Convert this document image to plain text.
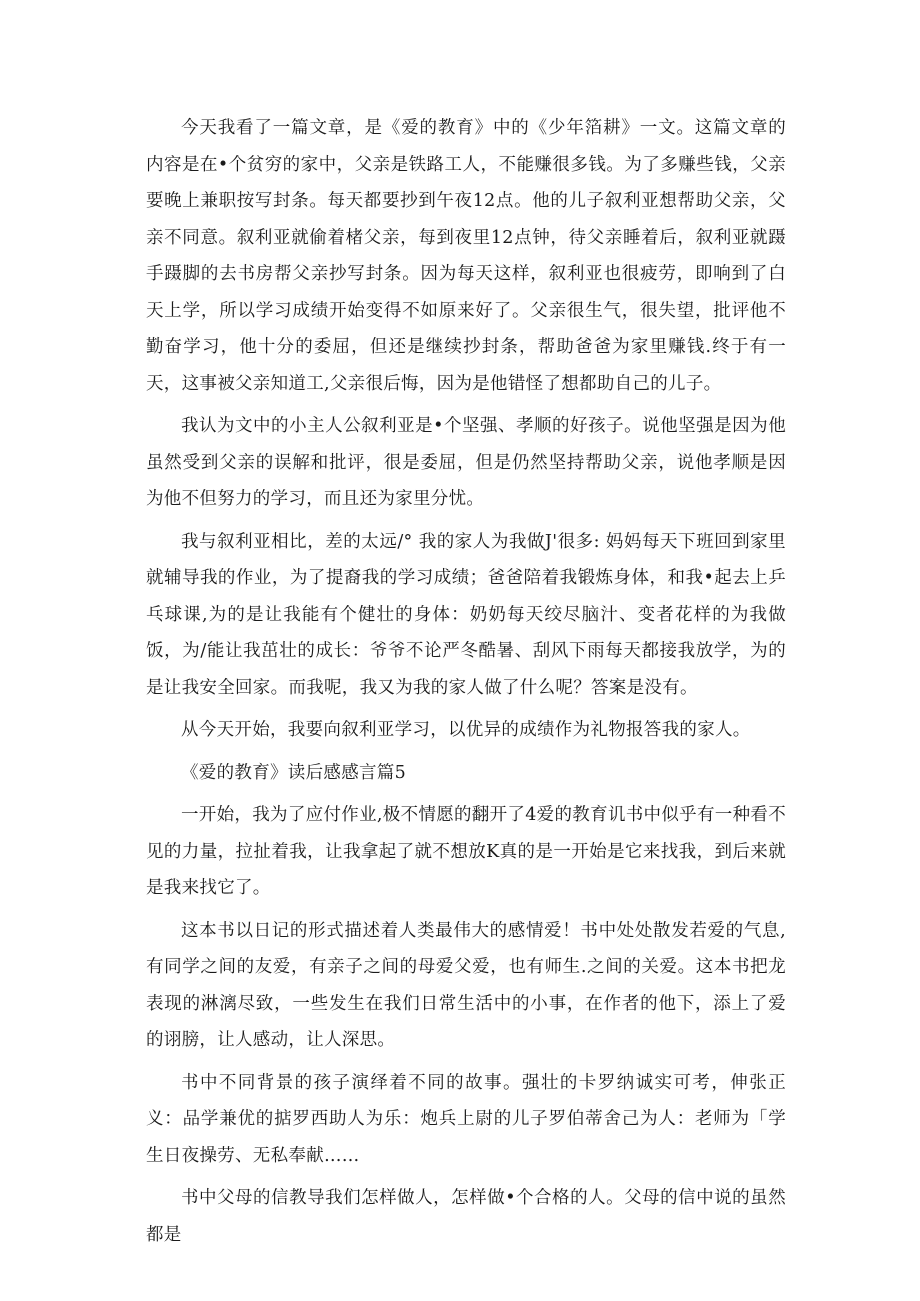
今天我看了一篇文章，是《爱的教育》中的《少年箔耕》一文。这篇文章的内容是在•个贫穷的家中，父亲是铁路工人，不能赚很多钱。为了多赚些钱，父亲要晚上兼职按写封条。每天都要抄到午夜12点。他的儿子叙利亚想帮助父亲，父亲不同意。叙利亚就偷着楮父亲，每到夜里12点钟，待父亲睡着后，叙利亚就蹑手蹑脚的去书房帮父亲抄写封条。因为每天这样，叙利亚也很疲劳，即响到了白天上学，所以学习成绩开始变得不如原来好了。父亲很生气，很失望，批评他不勤奋学习，他十分的委屈，但还是继续抄封条，帮助爸爸为家里赚钱.终于有一天，这事被父亲知道工,父亲很后悔，因为是他错怪了想都助自己的儿子。

我认为文中的小主人公叙利亚是•个坚强、孝顺的好孩子。说他坚强是因为他虽然受到父亲的误解和批评，很是委屈，但是仍然坚持帮助父亲，说他孝顺是因为他不但努力的学习，而且还为家里分忧。

我与叙利亚相比，差的太远/° 我的家人为我做J'很多: 妈妈每天下班回到家里就辅导我的作业，为了提裔我的学习成绩；爸爸陪着我锻炼身体，和我•起去上乒乓球课,为的是让我能有个健壮的身体：奶奶每天绞尽脑汁、变者花样的为我做饭，为/能让我茁壮的成长：爷爷不论严冬酷暑、刮风下雨每天都接我放学，为的是让我安全回家。而我呢，我又为我的家人做了什么呢？答案是没有。

从今天开始，我要向叙利亚学习，以优异的成绩作为礼物报答我的家人。

《爱的教育》读后感感言篇5

一开始，我为了应付作业,极不情愿的翻开了4爱的教育讥书中似乎有一种看不见的力量，拉扯着我，让我拿起了就不想放K真的是一开始是它来找我，到后来就是我来找它了。

这本书以日记的形式描述着人类最伟大的感情爱！书中处处散发若爱的气息,有同学之间的友爱，有亲子之间的母爱父爱，也有师生.之间的关爱。这本书把龙表现的淋漓尽致，一些发生在我们日常生活中的小事，在作者的他下，添上了爱的诩膀，让人感动，让人深思。

书中不同背景的孩子演绎着不同的故事。强壮的卡罗纳诚实可考，伸张正义：品学兼优的掂罗西助人为乐：炮兵上尉的儿子罗伯蒂舍己为人：老师为「学生日夜操劳、无私奉献……

书中父母的信教导我们怎样做人，怎样做•个合格的人。父母的信中说的虽然都是
